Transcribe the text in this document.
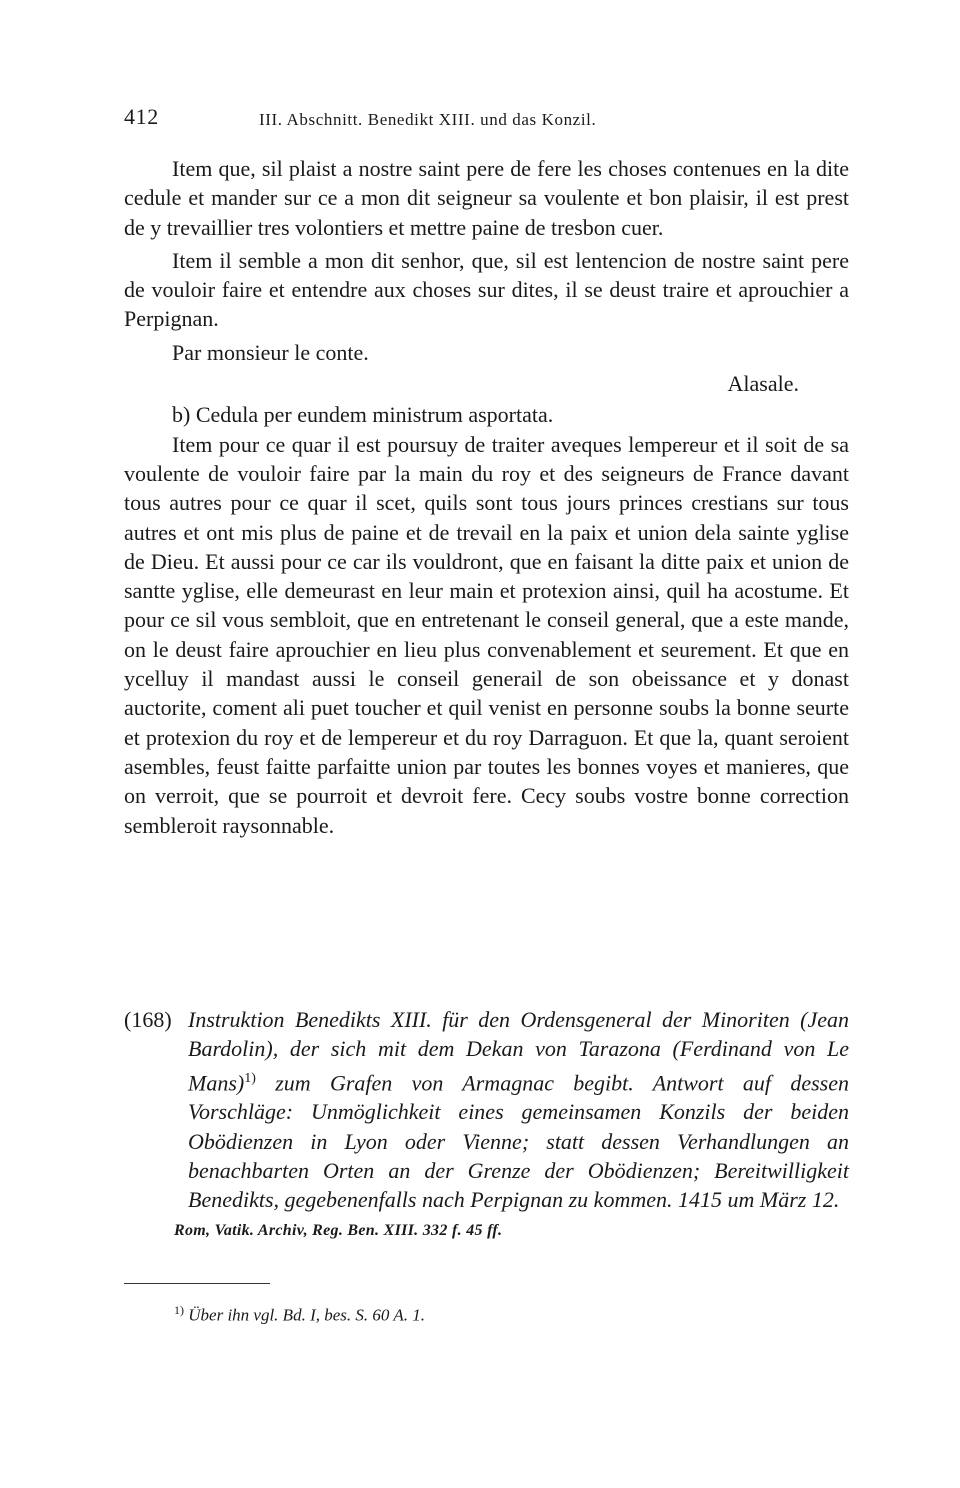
412	III. Abschnitt. Benedikt XIII. und das Konzil.

Item que, sil plaist a nostre saint pere de fere les choses contenues en la dite cedule et mander sur ce a mon dit seigneur sa voulente et bon plaisir, il est prest de y trevaillier tres volontiers et mettre paine de tresbon cuer.

Item il semble a mon dit senhor, que, sil est lentencion de nostre saint pere de vouloir faire et entendre aux choses sur dites, il se deust traire et aprouchier a Perpignan.

Par monsieur le conte.

Alasale.

b) Cedula per eundem ministrum asportata.

Item pour ce quar il est poursuy de traiter aveques lempereur et il soit de sa voulente de vouloir faire par la main du roy et des seigneurs de France davant tous autres pour ce quar il scet, quils sont tous jours princes crestians sur tous autres et ont mis plus de paine et de trevail en la paix et union dela sainte yglise de Dieu. Et aussi pour ce car ils vouldront, que en faisant la ditte paix et union de santte yglise, elle demeurast en leur main et protexion ainsi, quil ha acostume. Et pour ce sil vous sembloit, que en entretenant le conseil general, que a este mande, on le deust faire aprouchier en lieu plus convenablement et seurement. Et que en ycelluy il mandast aussi le conseil generail de son obeissance et y donast auctorite, coment ali puet toucher et quil venist en personne soubs la bonne seurte et protexion du roy et de lempereur et du roy Darraguon. Et que la, quant seroient asembles, feust faitte parfaitte union par toutes les bonnes voyes et manieres, que on verroit, que se pourroit et devroit fere. Cecy soubs vostre bonne correction sembleroit raysonnable.

(168) Instruktion Benedikts XIII. für den Ordensgeneral der Minoriten (Jean Bardolin), der sich mit dem Dekan von Tarazona (Ferdinand von Le Mans)$^{1)}$ zum Grafen von Armagnac begibt. Antwort auf dessen Vorschläge: Unmöglichkeit eines gemeinsamen Konzils der beiden Obödienzen in Lyon oder Vienne; statt dessen Verhandlungen an benachbarten Orten an der Grenze der Obödienzen; Bereitwilligkeit Benedikts, gegebenenfalls nach Perpignan zu kommen. 1415 um März 12.
Rom, Vatik. Archiv, Reg. Ben. XIII. 332 f. 45 ff.
$^{1)}$ Über ihn vgl. Bd. I, bes. S. 60 A. 1.
